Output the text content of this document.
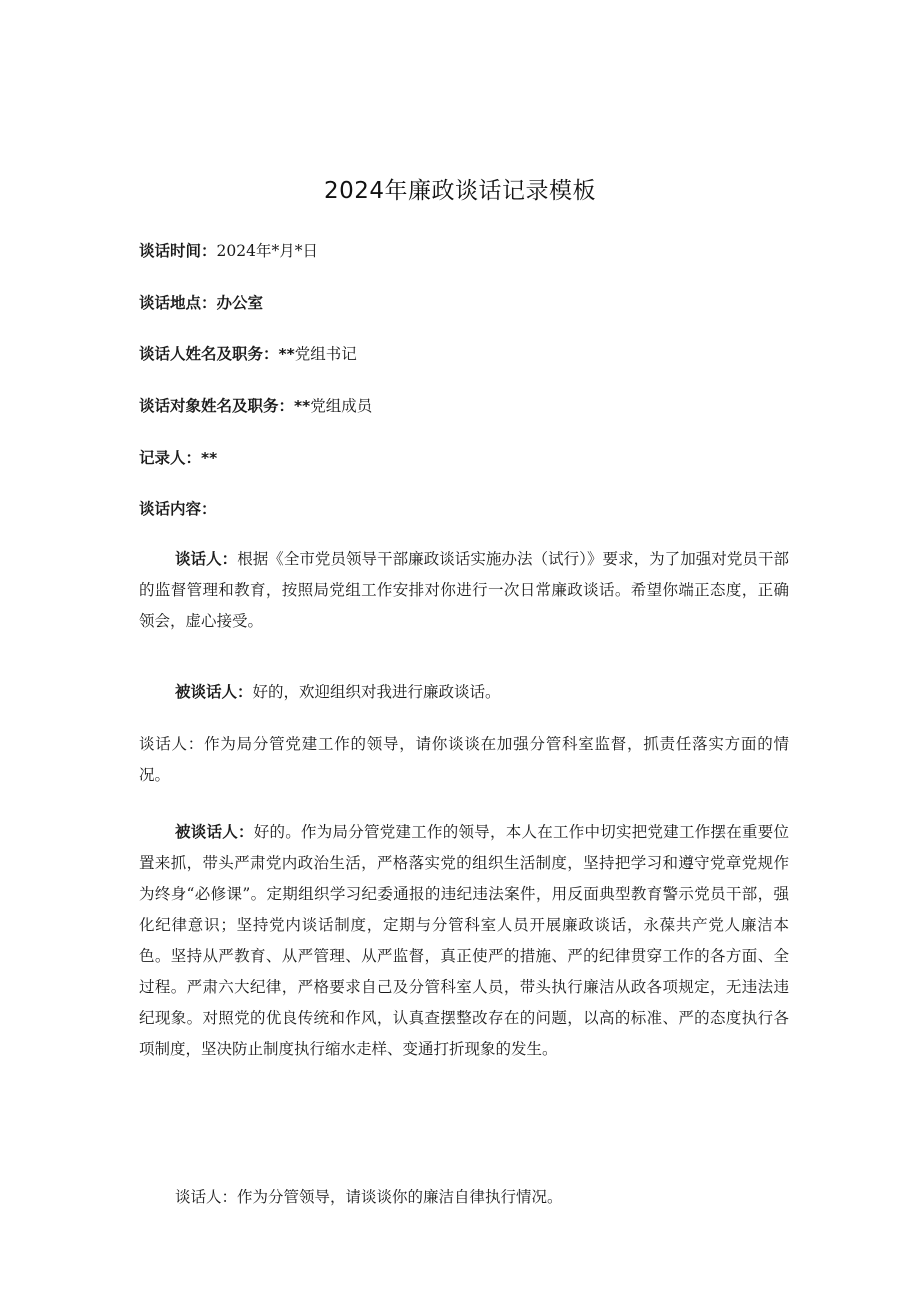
2024年廉政谈话记录模板
谈话时间：2024年*月*日
谈话地点：办公室
谈话人姓名及职务：**党组书记
谈话对象姓名及职务：**党组成员
记录人：**
谈话内容：
谈话人：根据《全市党员领导干部廉政谈话实施办法（试行）》要求，为了加强对党员干部的监督管理和教育，按照局党组工作安排对你进行一次日常廉政谈话。希望你端正态度，正确领会，虚心接受。
被谈话人：好的，欢迎组织对我进行廉政谈话。
谈话人：作为局分管党建工作的领导，请你谈谈在加强分管科室监督，抓责任落实方面的情况。
被谈话人：好的。作为局分管党建工作的领导，本人在工作中切实把党建工作摆在重要位置来抓，带头严肃党内政治生活，严格落实党的组织生活制度，坚持把学习和遵守党章党规作为终身“必修课”。定期组织学习纪委通报的违纪违法案件，用反面典型教育警示党员干部，强化纪律意识；坚持党内谈话制度，定期与分管科室人员开展廉政谈话，永葆共产党人廉洁本色。坚持从严教育、从严管理、从严监督，真正使严的措施、严的纪律贯穿工作的各方面、全过程。严肃六大纪律，严格要求自己及分管科室人员，带头执行廉洁从政各项规定，无违法违纪现象。对照党的优良传统和作风，认真查摆整改存在的问题，以高的标准、严的态度执行各项制度，坚决防止制度执行缩水走样、变通打折现象的发生。
谈话人：作为分管领导，请谈谈你的廉洁自律执行情况。
